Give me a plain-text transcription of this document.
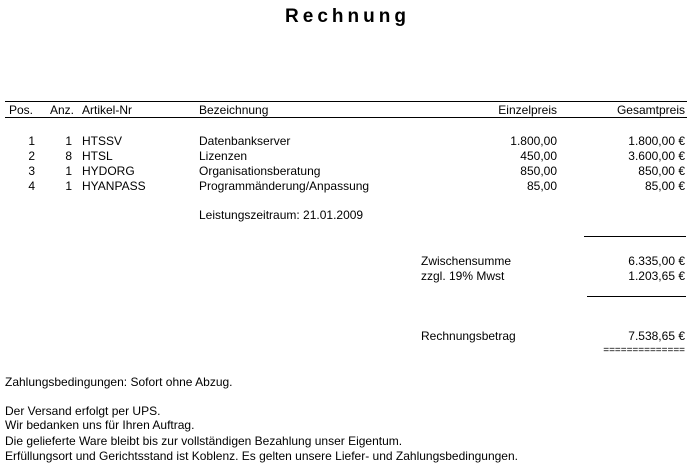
Rechnung
Pos. Anz. Artikel-Nr	Bezeichnung	Einzelpreis	Gesamtpreis
1	1 HTSSV	Datenbankserver	1.800,00	1.800,00 €
2	8 HTSL	Lizenzen	450,00	3.600,00 €
3	1 HYDORG	Organisationsberatung	850,00	850,00 €
4	1 HYANPASS	Programmänderung/Anpassung	85,00	85,00 €
Leistungszeitraum: 21.01.2009
Zwischensumme	6.335,00 €
zzgl. 19% Mwst	1.203,65 €
Rechnungsbetrag	7.538,65 €
==============
Zahlungsbedingungen: Sofort ohne Abzug.
Der Versand erfolgt per UPS.
Wir bedanken uns für Ihren Auftrag.
Die gelieferte Ware bleibt bis zur vollständigen Bezahlung unser Eigentum.
Erfüllungsort und Gerichtsstand ist Koblenz. Es gelten unsere Liefer- und Zahlungsbedingungen.
